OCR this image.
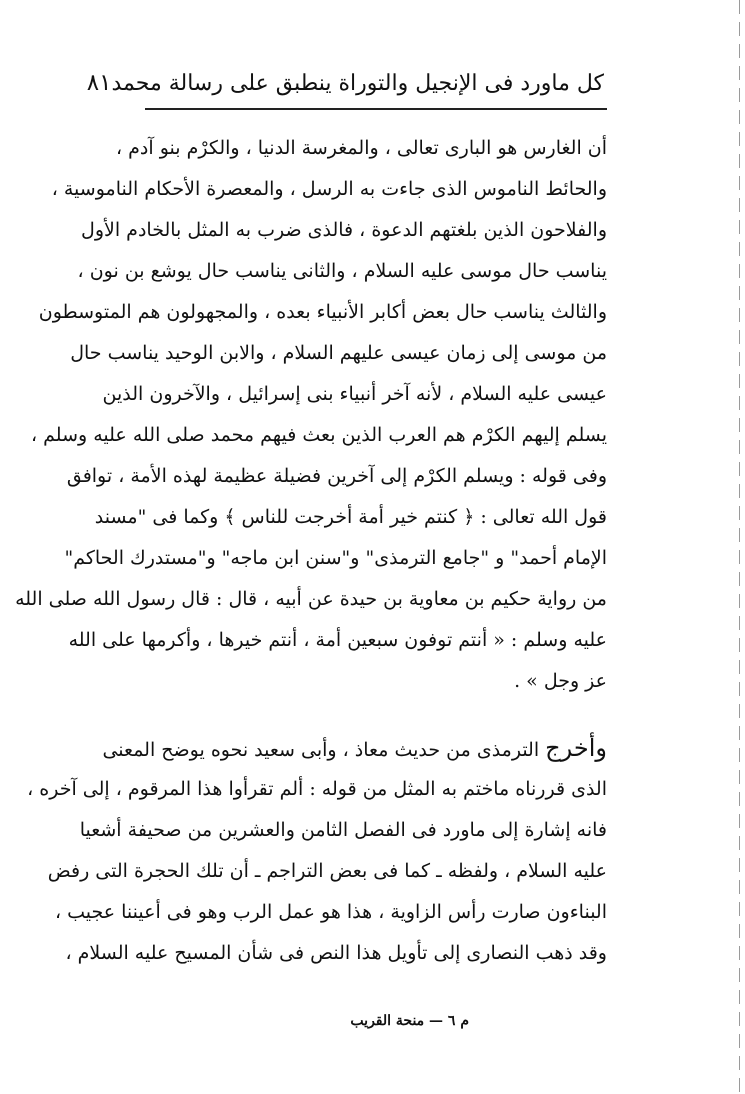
كل ماورد فى الإنجيل والتوراة ينطبق على رسالة محمد
٨١
أن الغارس هو البارى تعالى ، والمغرسة الدنيا ، والكرْم بنو آدم ،
والحائط الناموس الذى جاءت به الرسل ، والمعصرة الأحكام الناموسية ،
والفلاحون الذين بلغتهم الدعوة ، فالذى ضرب به المثل بالخادم الأول
يناسب حال موسى عليه السلام ، والثانى يناسب حال يوشع بن نون ،
والثالث يناسب حال بعض أكابر الأنبياء بعده ، والمجهولون هم المتوسطون
من موسى إلى زمان عيسى عليهم السلام ، والابن الوحيد يناسب حال
عيسى عليه السلام ، لأنه آخر أنبياء بنى إسرائيل ، والآخرون الذين
يسلم إليهم الكرْم هم العرب الذين بعث فيهم محمد صلى الله عليه وسلم ،
وفى قوله : ويسلم الكرْم إلى آخرين فضيلة عظيمة لهذه الأمة ، توافق
قول الله تعالى : ﴿ كنتم خير أمة أخرجت للناس ﴾ وكما فى "مسند
الإمام أحمد" و "جامع الترمذى" و"سنن ابن ماجه" و"مستدرك الحاكم"
من رواية حكيم بن معاوية بن حيدة عن أبيه ، قال : قال رسول الله صلى الله
عليه وسلم : « أنتم توفون سبعين أمة ، أنتم خيرها ، وأكرمها على الله
عز وجل » .
وأخرج الترمذى من حديث معاذ ، وأبى سعيد نحوه يوضح المعنى
الذى قررناه ماختم به المثل من قوله : ألم تقرأوا هذا المرقوم ، إلى آخره ،
فانه إشارة إلى ماورد فى الفصل الثامن والعشرين من صحيفة أشعيا
عليه السلام ، ولفظه ـ كما فى بعض التراجم ـ أن تلك الحجرة التى رفض
البناءون صارت رأس الزاوية ، هذا هو عمل الرب وهو فى أعيننا عجيب ،
وقد ذهب النصارى إلى تأويل هذا النص فى شأن المسيح عليه السلام ،
م ٦ — منحة القريب
